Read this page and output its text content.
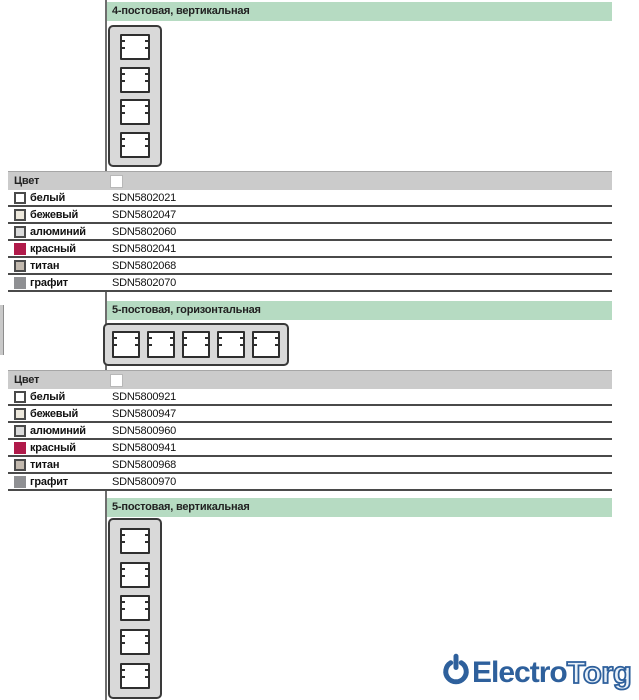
4-постовая, вертикальная
Цвет
белый	SDN5802021
бежевый	SDN5802047
алюминий SDN5802060
красный	SDN5802041
титан	SDN5802068
графит	SDN5802070
5-постовая, горизонтальная
Цвет
белый	SDN5800921
бежевый	SDN5800947
алюминий SDN5800960
красный	SDN5800941
титан	SDN5800968
графит	SDN5800970
5-постовая, вертикальная
Electro Torg
